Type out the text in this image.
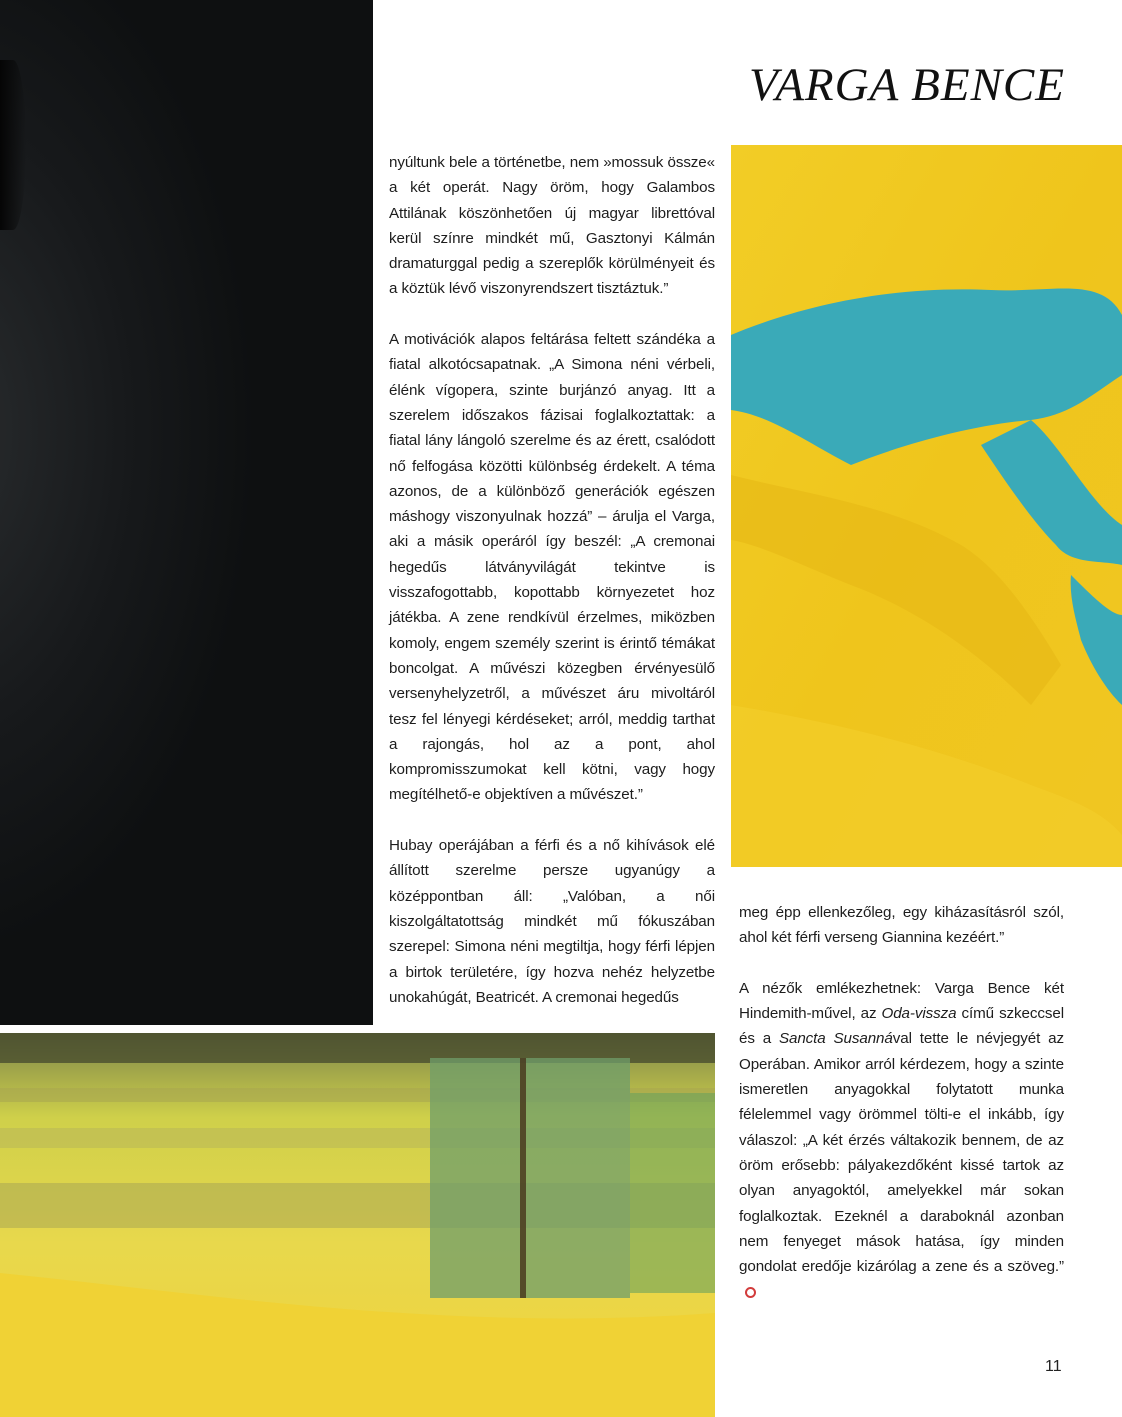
VARGA BENCE

nyúltunk bele a történetbe, nem »mossuk össze« a két operát. Nagy öröm, hogy Galambos Attilának köszönhetően új magyar librettóval kerül színre mindkét mű, Gasztonyi Kálmán dramaturggal pedig a szereplők körülményeit és a köztük lévő viszonyrendszert tisztáztuk.”

A motivációk alapos feltárása feltett szándéka a fiatal alkotócsapatnak. „A Simona néni vérbeli, élénk vígopera, szinte burjánzó anyag. Itt a szerelem időszakos fázisai foglalkoztattak: a fiatal lány lángoló szerelme és az érett, csalódott nő felfogása közötti különbség érdekelt. A téma azonos, de a különböző generációk egészen máshogy viszonyulnak hozzá” – árulja el Varga, aki a másik operáról így beszél: „A cremonai hegedűs látványvilágát tekintve is visszafogottabb, kopottabb környezetet hoz játékba. A zene rendkívül érzelmes, miközben komoly, engem személy szerint is érintő témákat boncolgat. A művészi közegben érvényesülő versenyhelyzetről, a művészet áru mivoltáról tesz fel lényegi kérdéseket; arról, meddig tarthat a rajongás, hol az a pont, ahol kompromisszumokat kell kötni, vagy hogy megítélhető-e objektíven a művészet.”

Hubay operájában a férfi és a nő kihívások elé állított szerelme persze ugyanúgy a középpontban áll: „Valóban, a női kiszolgáltatottság mindkét mű fókuszában szerepel: Simona néni megtiltja, hogy férfi lépjen a birtok területére, így hozva nehéz helyzetbe unokahúgát, Beatricét. A cremonai hegedűs

meg épp ellenkezőleg, egy kiházasításról szól, ahol két férfi verseng Giannina kezéért.”

A nézők emlékezhetnek: Varga Bence két Hindemith-művel, az Oda-vissza című szkeccsel és a Sancta Susannával tette le névjegyét az Operában. Amikor arról kérdezem, hogy a szinte ismeretlen anyagokkal folytatott munka félelemmel vagy örömmel tölti-e el inkább, így válaszol: „A két érzés váltakozik bennem, de az öröm erősebb: pályakezdőként kissé tartok az olyan anyagoktól, amelyekkel már sokan foglalkoztak. Ezeknél a daraboknál azonban nem fenyeget mások hatása, így minden gondolat eredője kizárólag a zene és a szöveg.”

11
